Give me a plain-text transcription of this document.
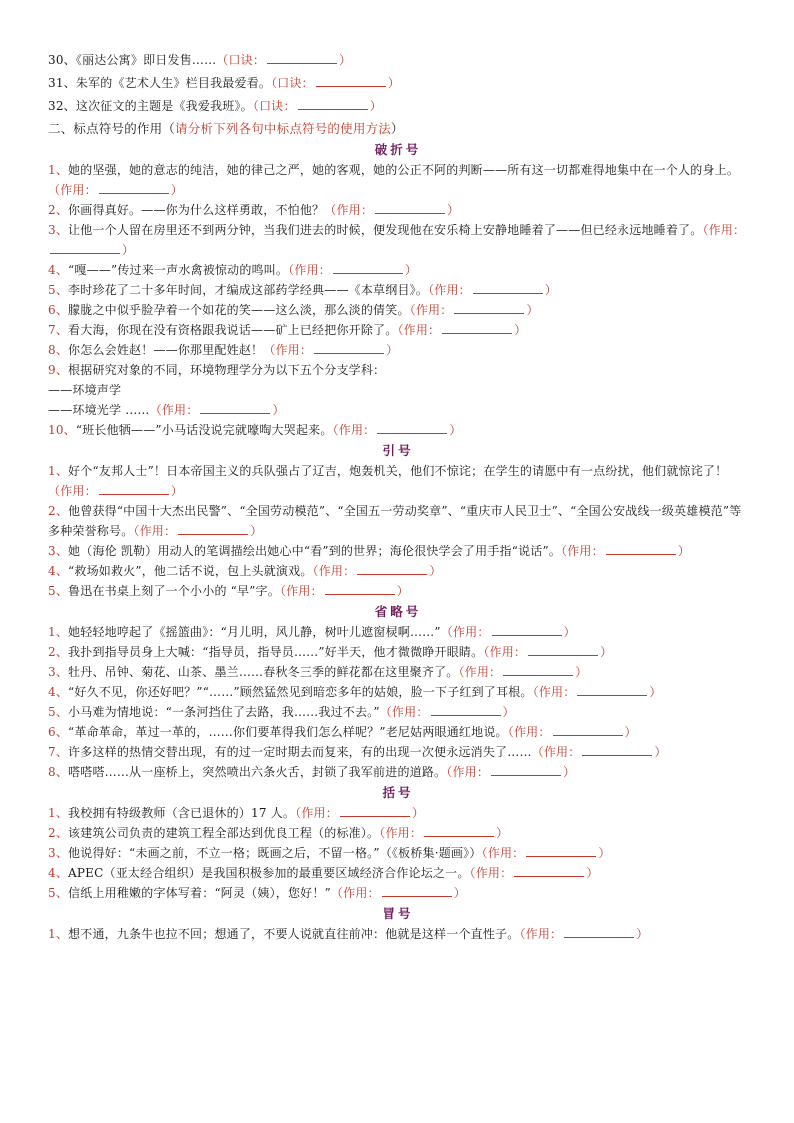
30、《丽达公寓》即日发售……（口诀：	）
31、朱军的《艺术人生》栏目我最爱看。（口诀：	）
32、这次征文的主题是《我爱我班》。（口诀：	）
二、标点符号的作用（请分析下列各句中标点符号的使用方法）
破折号
1、她的坚强，她的意志的纯洁，她的律己之严，她的客观，她的公正不阿的判断——所有这一切都难得地集中在一个人的身上。（作用：	）
2、你画得真好。——你为什么这样勇敢，不怕他？（作用：	）
3、让他一个人留在房里还不到两分钟，当我们进去的时候，便发现他在安乐椅上安静地睡着了——但已经永远地睡着了。（作用：）
4、“嘎——”传过来一声水禽被惊动的鸣叫。（作用：	）
5、李时珍花了二十多年时间，才编成这部药学经典——《本草纲目》。（作用：	）
6、朦胧之中似乎脸孕着一个如花的笑——这么淡，那么淡的倩笑。（作用：	）
7、看大海，你现在没有资格跟我说话——矿上已经把你开除了。（作用：	）
8、你怎么会姓赵！——你那里配姓赵！（作用：	）
9、根据研究对象的不同，环境物理学分为以下五个分支学科：
——环境声学
——环境光学 ……（作用：	）
10、“班长他牺——”小马话没说完就嚎啕大哭起来。（作用：	）
引号
1、好个“友邦人士”！日本帝国主义的兵队强占了辽吉，炮轰机关，他们不惊诧；在学生的请愿中有一点纷扰，他们就惊诧了！（作用：	）
2、他曾获得“中国十大杰出民警”、“全国劳动模范”、“全国五一劳动奖章”、“重庆市人民卫士”、“全国公安战线一级英雄模范”等多种荣誉称号。（作用：	）
3、她（海伦 凯勒）用动人的笔调描绘出她心中“看”到的世界；海伦很快学会了用手指“说话”。（作用：	）
4、“救场如救火”，他二话不说，包上头就演戏。（作用：	）
5、鲁迅在书桌上刻了一个小小的 “早”字。（作用：	）
省略号
1、她轻轻地哼起了《摇篮曲》：“月儿明，风儿静，树叶儿遮窗棂啊……”（作用：	）
2、我扑到指导员身上大喊：“指导员，指导员……”好半天，他才微微睁开眼睛。（作用：	）
3、牡丹、吊钟、菊花、山茶、墨兰……春秋冬三季的鲜花都在这里聚齐了。（作用：	）
4、“好久不见，你还好吧？”“……”顾然猛然见到暗恋多年的姑娘，脸一下子红到了耳根。（作用：	）
5、小马难为情地说：“一条河挡住了去路，我……我过不去。”（作用：	）
6、“革命革命，革过一革的，……你们要革得我们怎么样呢？”老尼姑两眼通红地说。（作用：	）
7、许多这样的热情交替出现，有的过一定时期去而复来，有的出现一次便永远消失了……（作用：	）
8、嗒嗒嗒……从一座桥上，突然喷出六条火舌，封锁了我军前进的道路。（作用：	）
括号
1、我校拥有特级教师（含已退休的）17 人。（作用：	）
2、该建筑公司负责的建筑工程全部达到优良工程（的标准）。（作用：	）
3、他说得好：“未画之前，不立一格；既画之后，不留一格。”（《板桥集·题画》）（作用：	）
4、APEC（亚太经合组织）是我国积极参加的最重要区域经济合作论坛之一。（作用：	）
5、信纸上用稚嫩的字体写着：“阿灵（姨），您好！”（作用：	）
冒号
1、想不通，九条牛也拉不回；想通了，不要人说就直往前冲：他就是这样一个直性子。（作用：	）
